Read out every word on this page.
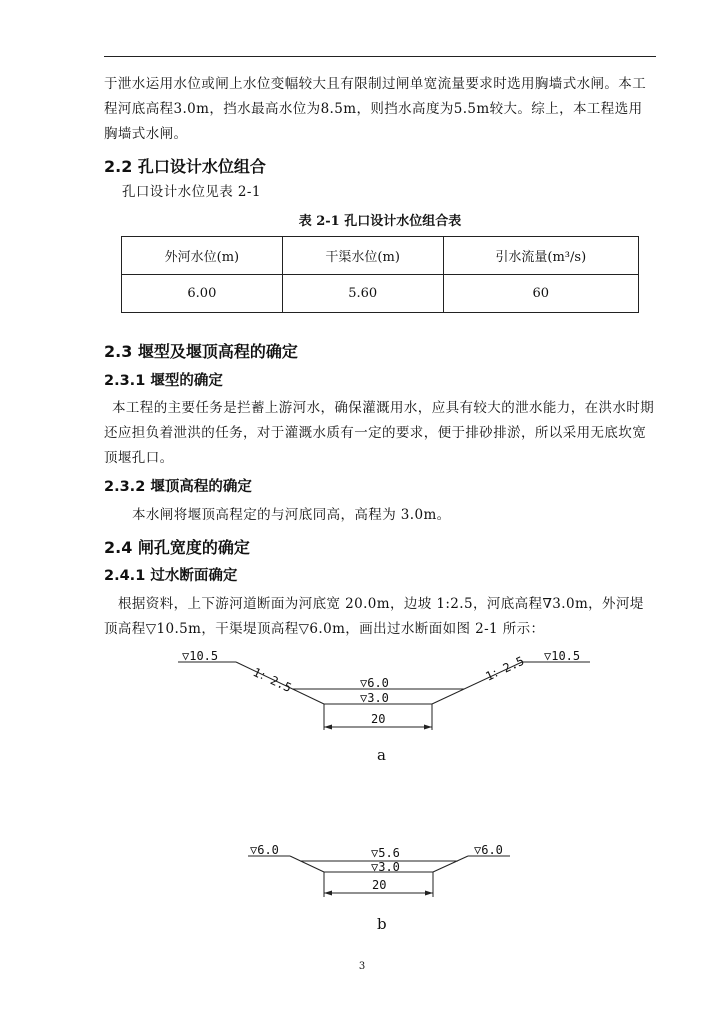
于泄水运用水位或闸上水位变幅较大且有限制过闸单宽流量要求时选用胸墙式水闸。本工程河底高程3.0m，挡水最高水位为8.5m，则挡水高度为5.5m较大。综上，本工程选用胸墙式水闸。

2.2 孔口设计水位组合

孔口设计水位见表 2-1

表 2-1 孔口设计水位组合表

外河水位(m)	干渠水位(m)	引水流量(m³/s)
6.00	5.60	60
2.3 堰型及堰顶高程的确定
2.3.1 堰型的确定

本工程的主要任务是拦蓄上游河水，确保灌溉用水，应具有较大的泄水能力，在洪水时期还应担负着泄洪的任务，对于灌溉水质有一定的要求，便于排砂排淤，所以采用无底坎宽顶堰孔口。

2.3.2 堰顶高程的确定

本水闸将堰顶高程定的与河底同高，高程为 3.0m。

2.4 闸孔宽度的确定
2.4.1 过水断面确定

根据资料，上下游河道断面为河底宽 20.0m，边坡 1:2.5，河底高程∇3.0m，外河堤顶高程▽10.5m，干渠堤顶高程▽6.0m，画出过水断面如图 2-1 所示：

▽10.5	▽10.5
1：2.5	1：2.5
▽6.0
▽3.0
20
a
▽6.0	▽6.0
▽5.6
▽3.0
20
b
3
